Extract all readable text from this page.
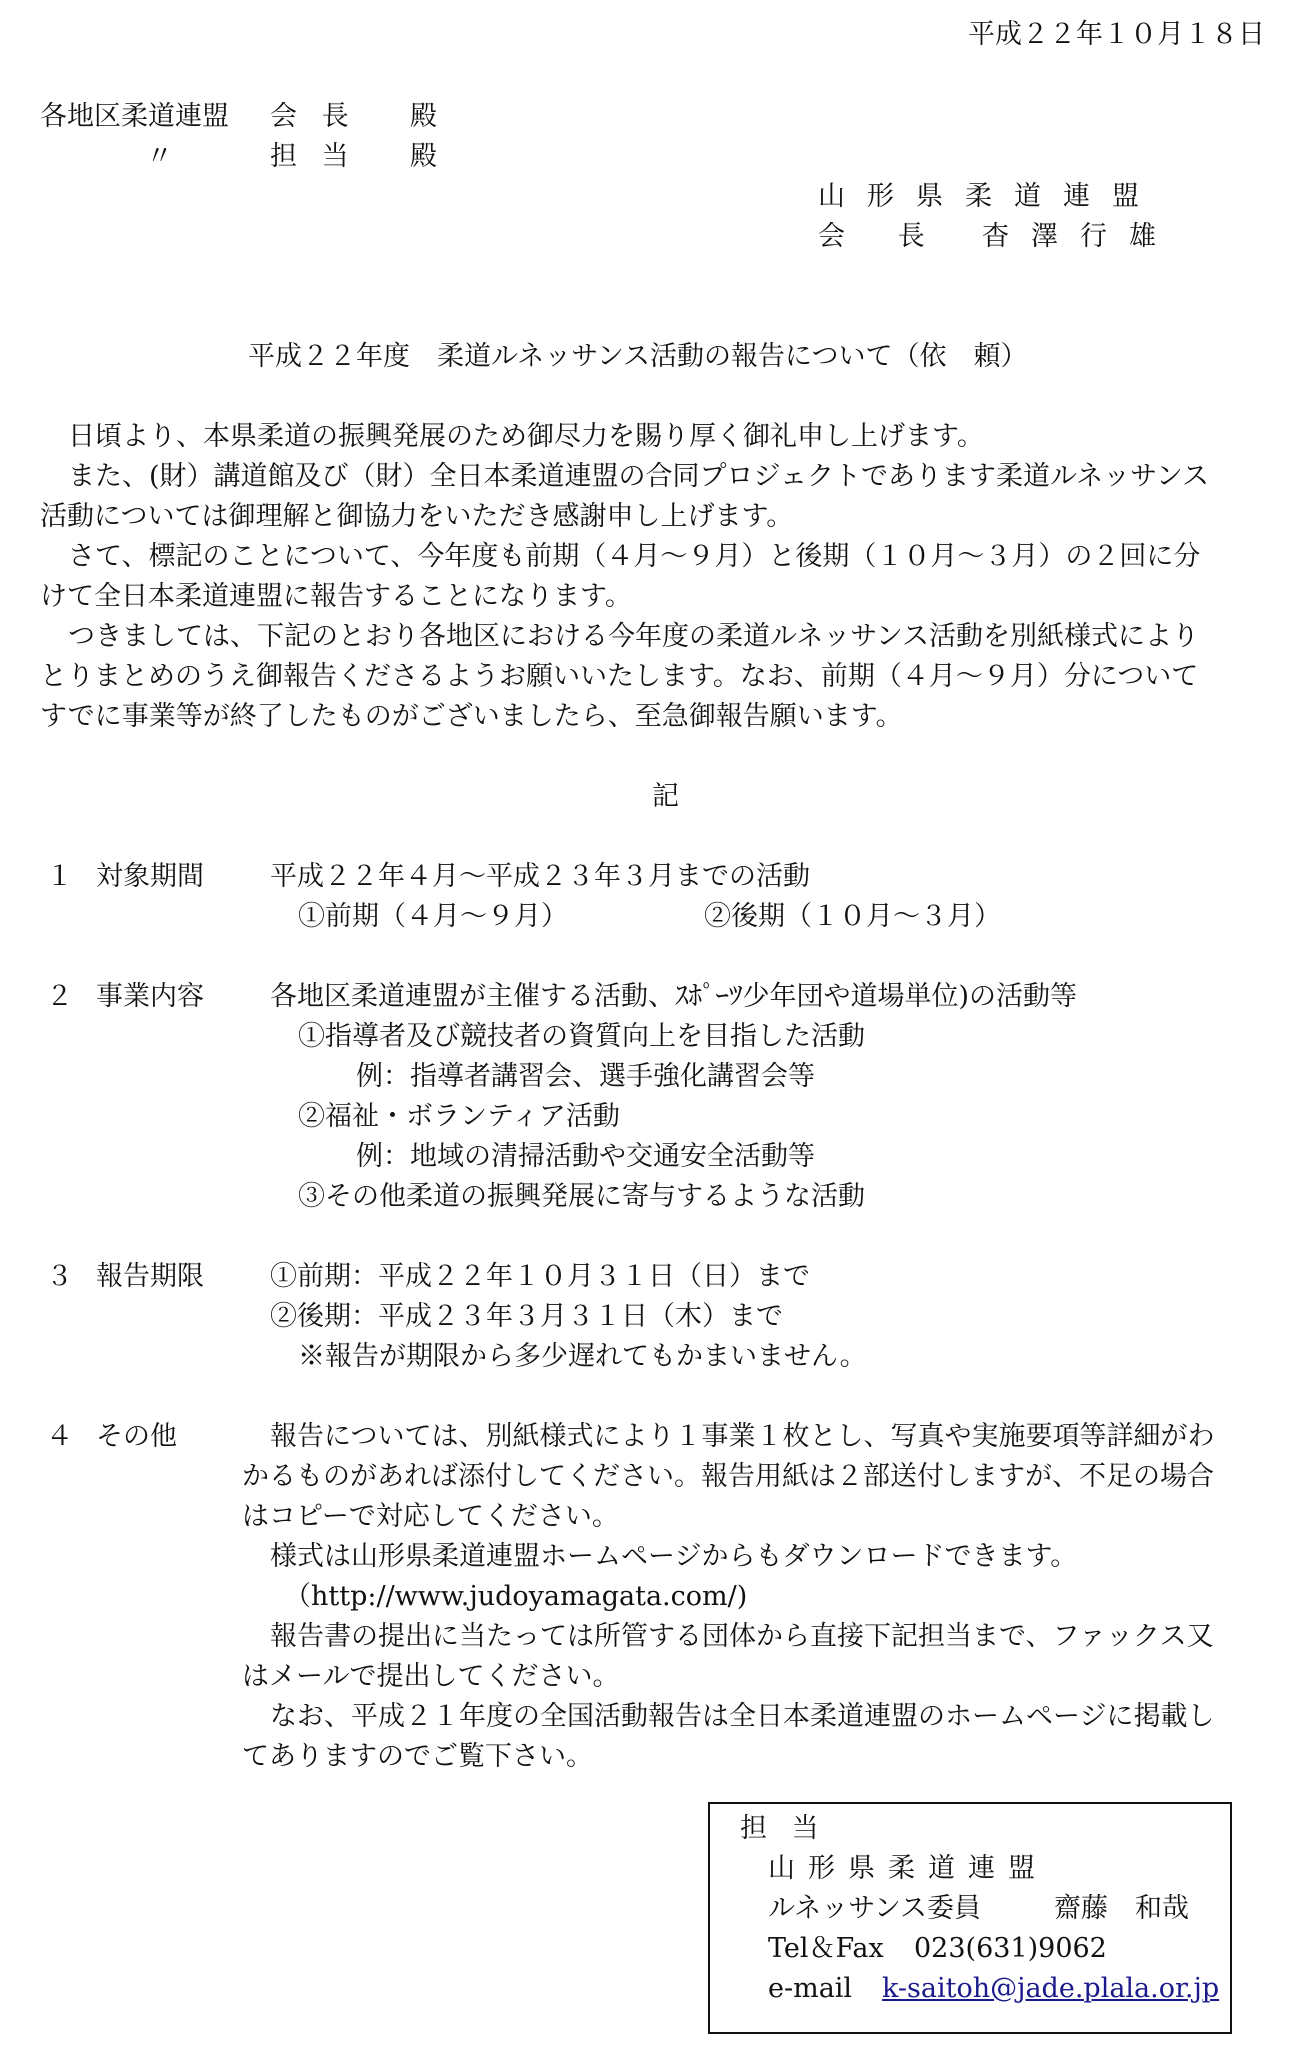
平成２２年１０月１８日
各地区柔道連盟 会 長 殿
〃	担 当 殿
山形県柔道連盟
会 長 杳澤行雄
平成２２年度　柔道ルネッサンス活動の報告について（依　頼）
日頃より、本県柔道の振興発展のため御尽力を賜り厚く御礼申し上げます。
また、(財）講道館及び（財）全日本柔道連盟の合同プロジェクトであります柔道ルネッサンス
活動については御理解と御協力をいただき感謝申し上げます。
さて、標記のことについて、今年度も前期（４月～９月）と後期（１０月～３月）の２回に分
けて全日本柔道連盟に報告することになります。
つきましては、下記のとおり各地区における今年度の柔道ルネッサンス活動を別紙様式により
とりまとめのうえ御報告くださるようお願いいたします。なお、前期（４月～９月）分について
すでに事業等が終了したものがございましたら、至急御報告願います。
記
１ 対象期間 平成２２年４月～平成２３年３月までの活動
①前期（４月～９月）	②後期（１０月～３月）
２ 事業内容 各地区柔道連盟が主催する活動、ｽﾎﾟｰﾂ少年団や道場単位)の活動等
①指導者及び競技者の資質向上を目指した活動
例：指導者講習会、選手強化講習会等
②福祉・ボランティア活動
例：地域の清掃活動や交通安全活動等
③その他柔道の振興発展に寄与するような活動
３ 報告期限 ①前期：平成２２年１０月３１日（日）まで
②後期：平成２３年３月３１日（木）まで
※報告が期限から多少遅れてもかまいません。
４ その他	報告については、別紙様式により１事業１枚とし、写真や実施要項等詳細がわ
かるものがあれば添付してください。報告用紙は２部送付しますが、不足の場合
はコピーで対応してください。
様式は山形県柔道連盟ホームページからもダウンロードできます。
（http://www.judoyamagata.com/)
報告書の提出に当たっては所管する団体から直接下記担当まで、ファックス又
はメールで提出してください。
なお、平成２１年度の全国活動報告は全日本柔道連盟のホームページに掲載し
てありますのでご覧下さい。
担 当
山形県柔道連盟
ルネッサンス委員	齋藤　和哉
Tel＆Fax 023(631)9062
e-mail k-saitoh@jade.plala.or.jp
